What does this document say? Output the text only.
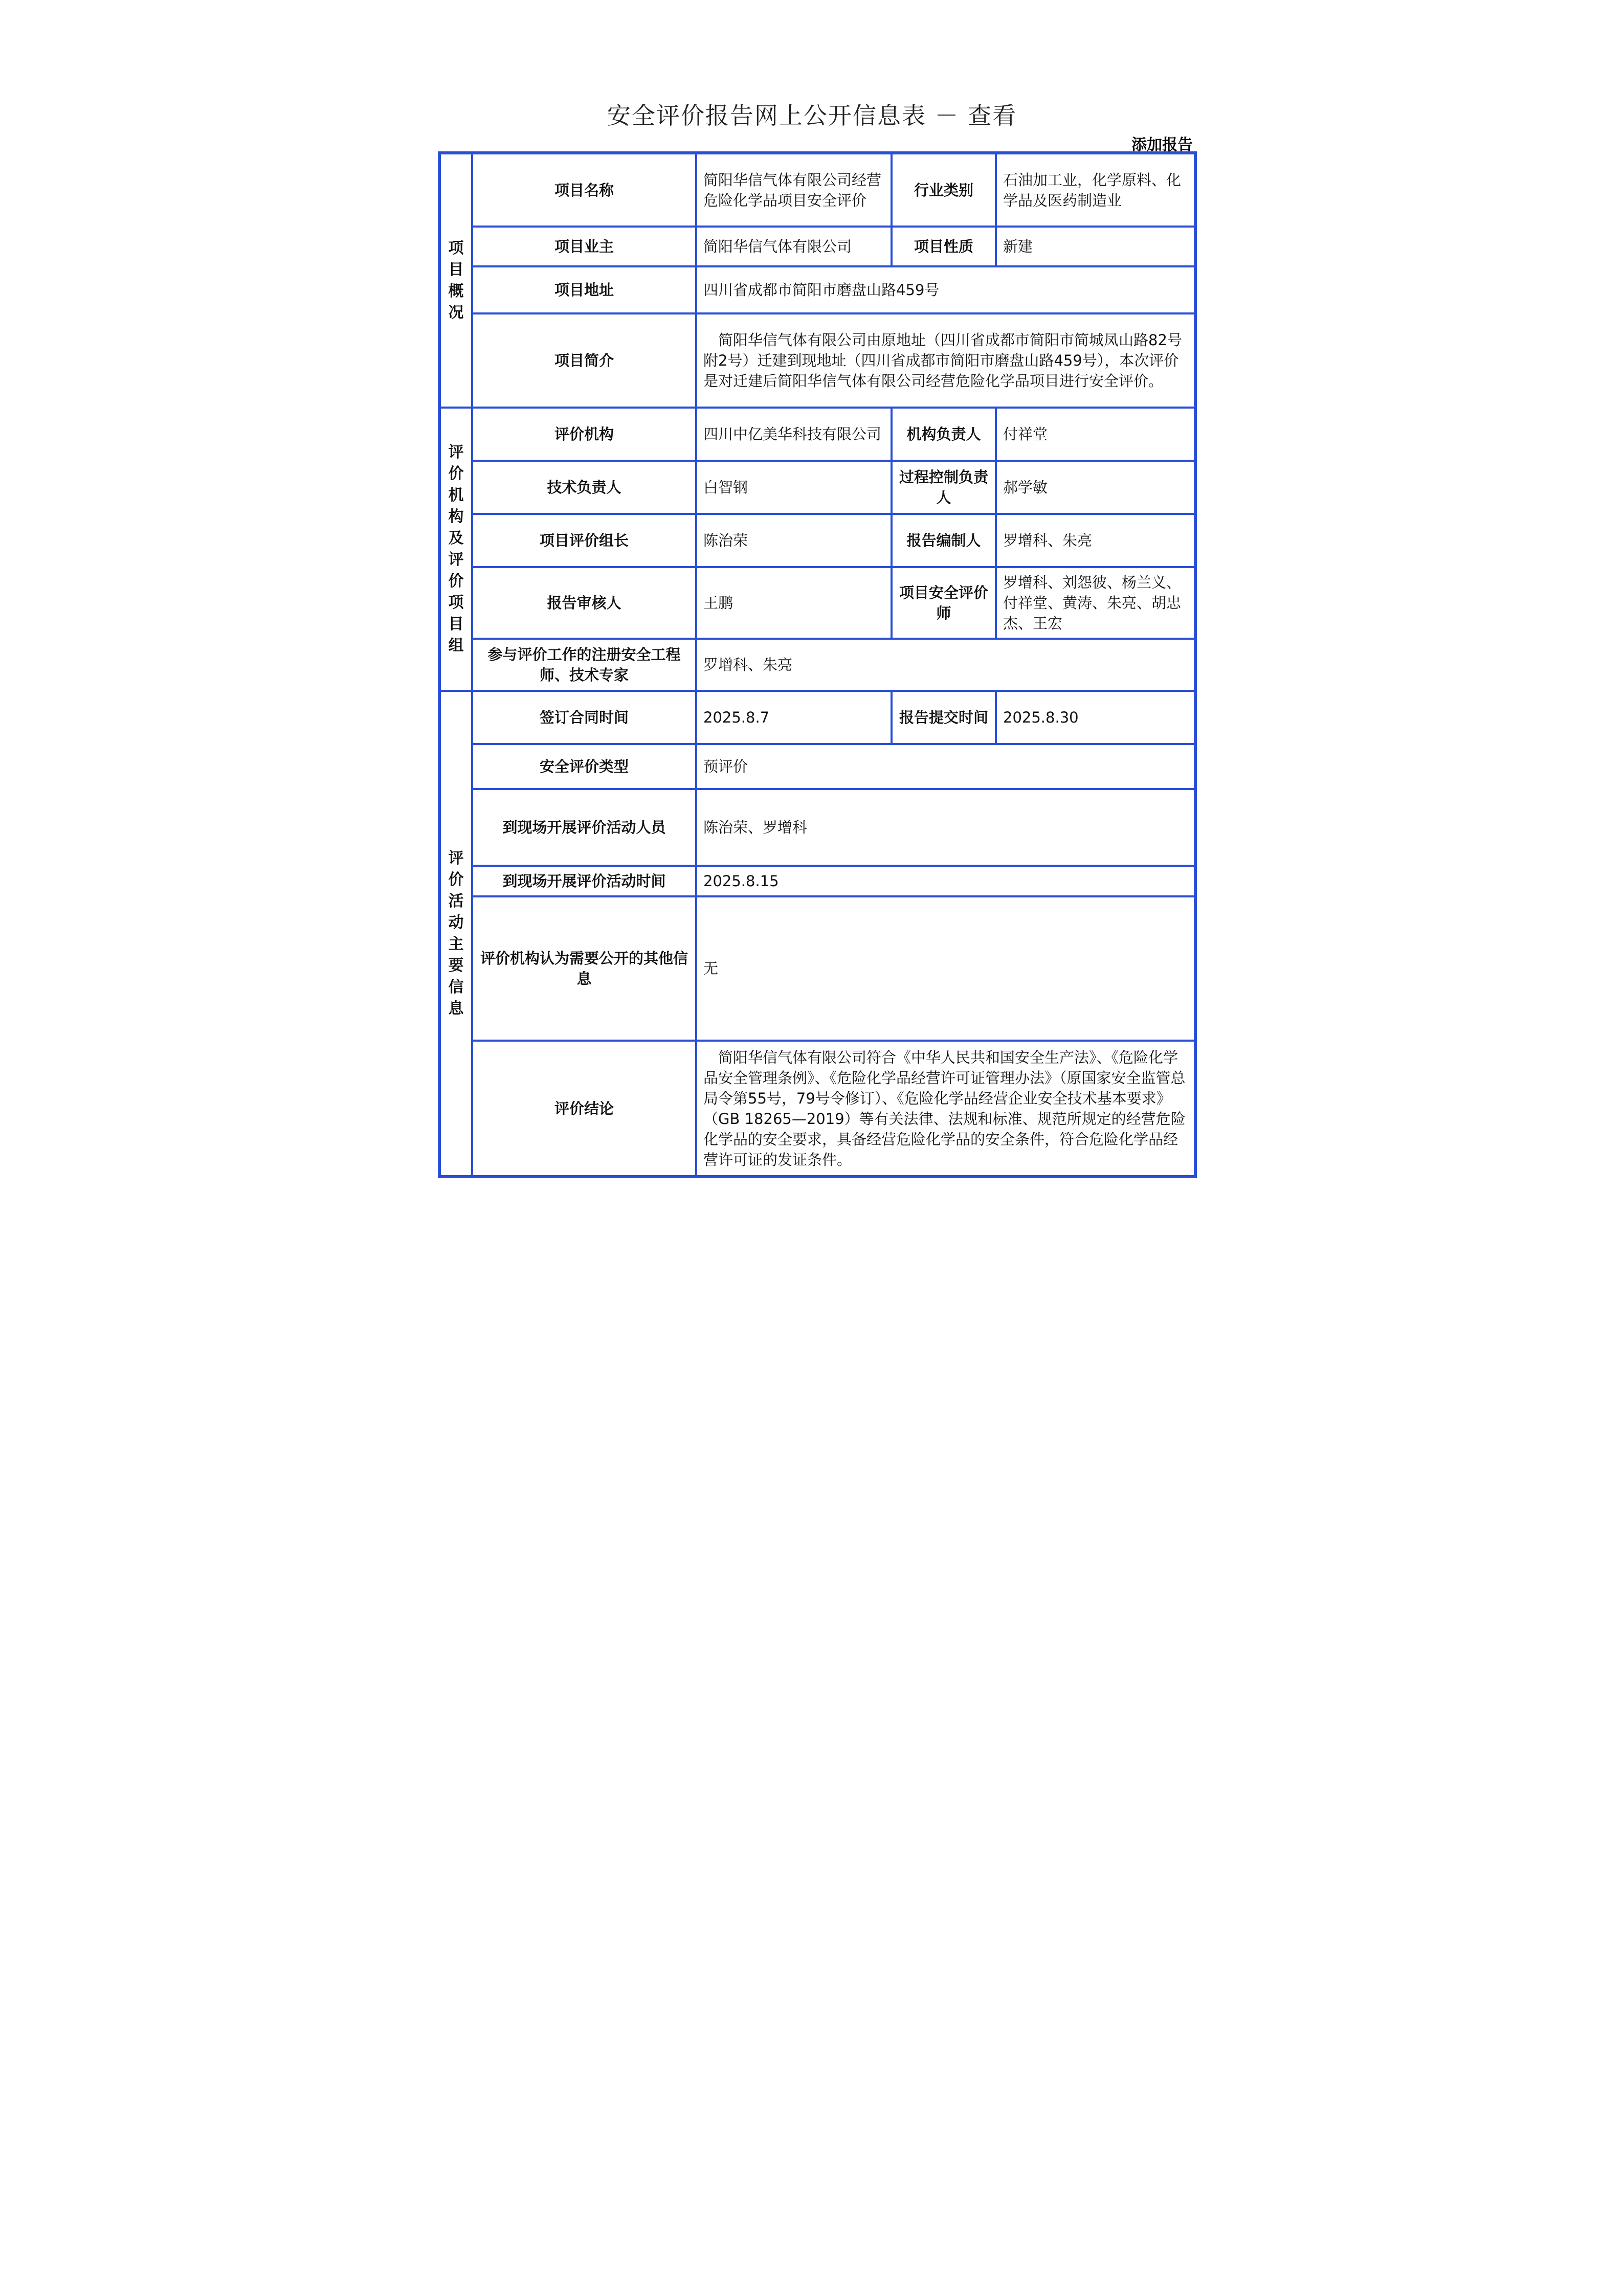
安全评价报告网上公开信息表 － 查看
添加报告
项目概况	项目名称	简阳华信气体有限公司经营危险化学品项目安全评价	行业类别	石油加工业，化学原料、化学品及医药制造业
	项目业主	简阳华信气体有限公司	项目性质	新建
	项目地址	四川省成都市简阳市磨盘山路459号		
	项目简介	简阳华信气体有限公司由原地址（四川省成都市简阳市简城凤山路82号附2号）迁建到现地址（四川省成都市简阳市磨盘山路459号），本次评价是对迁建后简阳华信气体有限公司经营危险化学品项目进行安全评价。		
评价机构及评价项目组	评价机构	四川中亿美华科技有限公司	机构负责人	付祥堂
	技术负责人	白智钢	过程控制负责人	郝学敏
	项目评价组长	陈治荣	报告编制人	罗增科、朱亮
	报告审核人	王鹏	项目安全评价师	罗增科、刘怨彼、杨兰义、付祥堂、黄涛、朱亮、胡忠杰、王宏
	参与评价工作的注册安全工程师、技术专家	罗增科、朱亮		
评价活动主要信息	签订合同时间	2025.8.7	报告提交时间	2025.8.30
	安全评价类型	预评价		
	到现场开展评价活动人员	陈治荣、罗增科		
	到现场开展评价活动时间	2025.8.15		
	评价机构认为需要公开的其他信息	无		
	评价结论	简阳华信气体有限公司符合《中华人民共和国安全生产法》、《危险化学品安全管理条例》、《危险化学品经营许可证管理办法》（原国家安全监管总局令第55号，79号令修订）、《危险化学品经营企业安全技术基本要求》（GB 18265—2019）等有关法律、法规和标准、规范所规定的经营危险化学品的安全要求，具备经营危险化学品的安全条件，符合危险化学品经营许可证的发证条件。		
